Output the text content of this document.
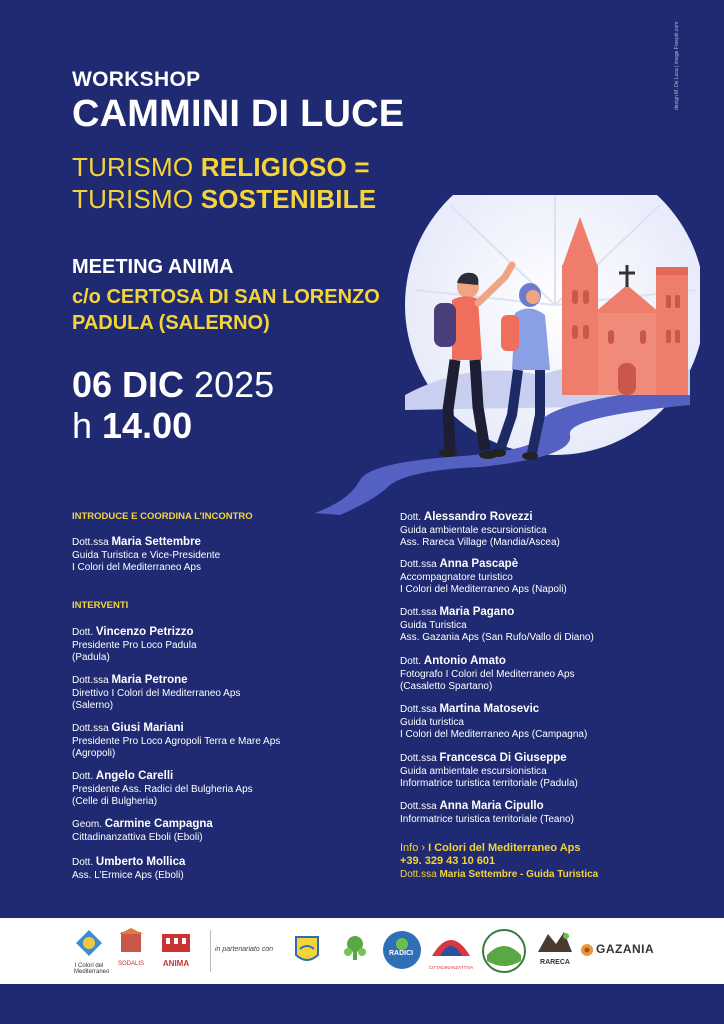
WORKSHOP
CAMMINI DI LUCE
TURISMO RELIGIOSO =
TURISMO SOSTENIBILE
MEETING ANIMA
c/o CERTOSA DI SAN LORENZO
PADULA (SALERNO)
06 DIC 2025
h 14.00
design M. De Luca | image Freepik.com
INTRODUCE E COORDINA L’INCONTRO
Dott.ssa Maria Settembre
Guida Turistica e Vice-Presidente
I Colori del Mediterraneo Aps
INTERVENTI
Dott. Vincenzo Petrizzo
Presidente Pro Loco Padula
(Padula)
Dott.ssa Maria Petrone
Direttivo I Colori del Mediterraneo Aps
(Salerno)
Dott.ssa Giusi Mariani
Presidente Pro Loco Agropoli Terra e Mare Aps
(Agropoli)
Dott. Angelo Carelli
Presidente Ass. Radici del Bulgheria Aps
(Celle di Bulgheria)
Geom. Carmine Campagna
Cittadinanzattiva Eboli (Eboli)
Dott. Umberto Mollica
Ass. L’Ermice Aps (Eboli)
Dott. Alessandro Rovezzi
Guida ambientale escursionistica
Ass. Rareca Village (Mandia/Ascea)
Dott.ssa Anna Pascapè
Accompagnatore turistico
I Colori del Mediterraneo Aps (Napoli)
Dott.ssa Maria Pagano
Guida Turistica
Ass. Gazania Aps (San Rufo/Vallo di Diano)
Dott. Antonio Amato
Fotografo I Colori del Mediterraneo Aps
(Casaletto Spartano)
Dott.ssa Martina Matosevic
Guida turistica
I Colori del Mediterraneo Aps (Campagna)
Dott.ssa Francesca Di Giuseppe
Guida ambientale escursionistica
Informatrice turistica territoriale (Padula)
Dott.ssa Anna Maria Cipullo
Informatrice turistica territoriale (Teano)
Info › I Colori del Mediterraneo Aps
+39. 329 43 10 601
Dott.ssa Maria Settembre - Guida Turistica
I Colori del Mediterraneo
SODALIS	ANIMA
in partenariato con
RADICI
CITTADINANZATTIVA
RARECA
GAZANIA
